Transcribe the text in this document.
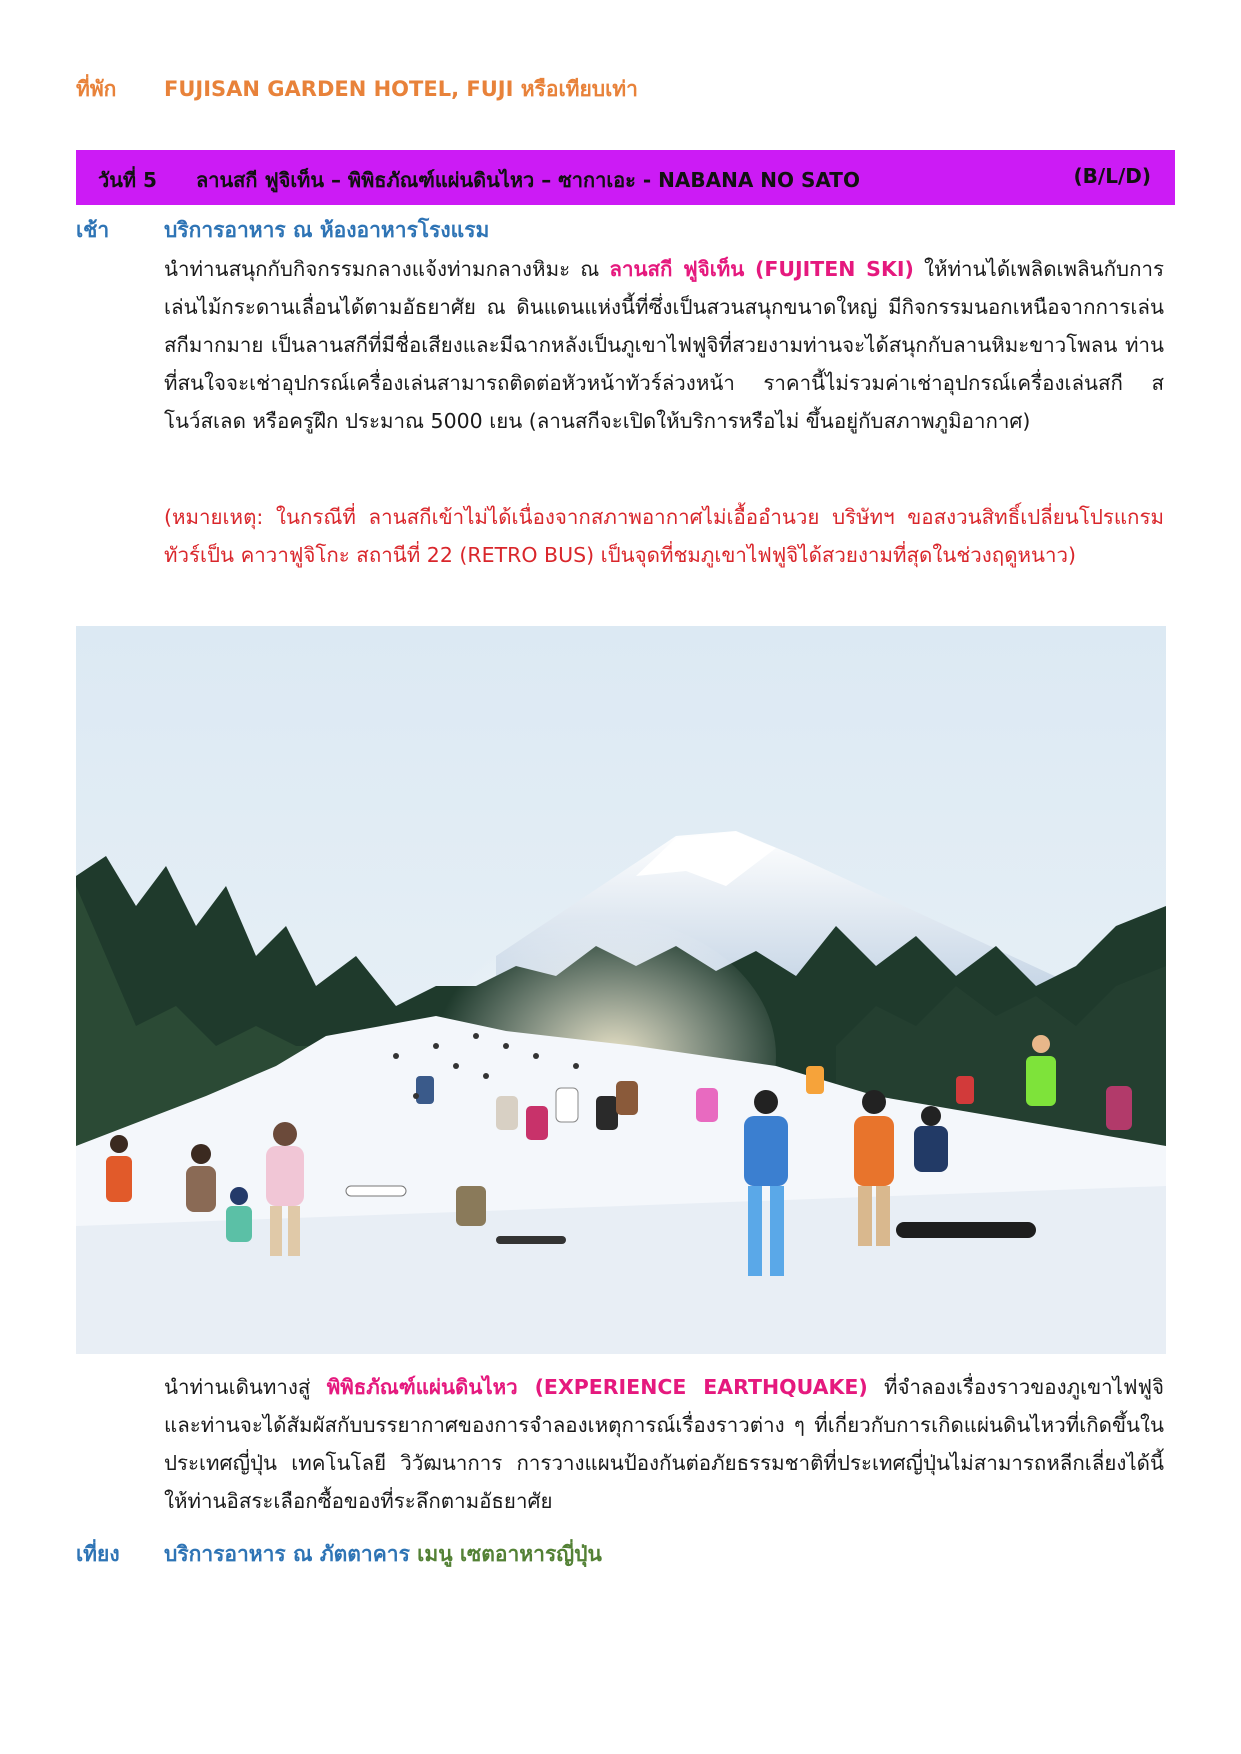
ที่พัก FUJISAN GARDEN HOTEL, FUJI หรือเทียบเท่า
วันที่ 5 ลานสกี ฟูจิเท็น – พิพิธภัณฑ์แผ่นดินไหว – ซากาเอะ - NABANA NO SATO	(B/L/D)
เช้า	บริการอาหาร ณ ห้องอาหารโรงแรม
นำท่านสนุกกับกิจกรรมกลางแจ้งท่ามกลางหิมะ ณ ลานสกี ฟูจิเท็น (FUJITEN SKI) ให้ท่านได้เพลิดเพลินกับการเล่นไม้กระดานเลื่อนได้ตามอัธยาศัย ณ ดินแดนแห่งนี้ที่ซึ่งเป็นสวนสนุกขนาดใหญ่ มีกิจกรรมนอกเหนือจากการเล่นสกีมากมาย เป็นลานสกีที่มีชื่อเสียงและมีฉากหลังเป็นภูเขาไฟฟูจิที่สวยงามท่านจะได้สนุกกับลานหิมะขาวโพลน ท่านที่สนใจจะเช่าอุปกรณ์เครื่องเล่นสามารถติดต่อหัวหน้าทัวร์ล่วงหน้า ราคานี้ไม่รวมค่าเช่าอุปกรณ์เครื่องเล่นสกี สโนว์สเลด หรือครูฝึก ประมาณ 5000 เยน (ลานสกีจะเปิดให้บริการหรือไม่ ขึ้นอยู่กับสภาพภูมิอากาศ)
(หมายเหตุ: ในกรณีที่ ลานสกีเข้าไม่ได้เนื่องจากสภาพอากาศไม่เอื้ออำนวย บริษัทฯ ขอสงวนสิทธิ์เปลี่ยนโปรแกรมทัวร์เป็น คาวาฟูจิโกะ สถานีที่ 22 (RETRO BUS) เป็นจุดที่ชมภูเขาไฟฟูจิได้สวยงามที่สุดในช่วงฤดูหนาว)
นำท่านเดินทางสู่ พิพิธภัณฑ์แผ่นดินไหว (EXPERIENCE EARTHQUAKE) ที่จำลองเรื่องราวของภูเขาไฟฟูจิ และท่านจะได้สัมผัสกับบรรยากาศของการจำลองเหตุการณ์เรื่องราวต่าง ๆ ที่เกี่ยวกับการเกิดแผ่นดินไหวที่เกิดขึ้นในประเทศญี่ปุ่น เทคโนโลยี วิวัฒนาการ การวางแผนป้องกันต่อภัยธรรมชาติที่ประเทศญี่ปุ่นไม่สามารถหลีกเลี่ยงได้นี้ ให้ท่านอิสระเลือกซื้อของที่ระลึกตามอัธยาศัย
เที่ยง บริการอาหาร ณ ภัตตาคาร เมนู เซตอาหารญี่ปุ่น
